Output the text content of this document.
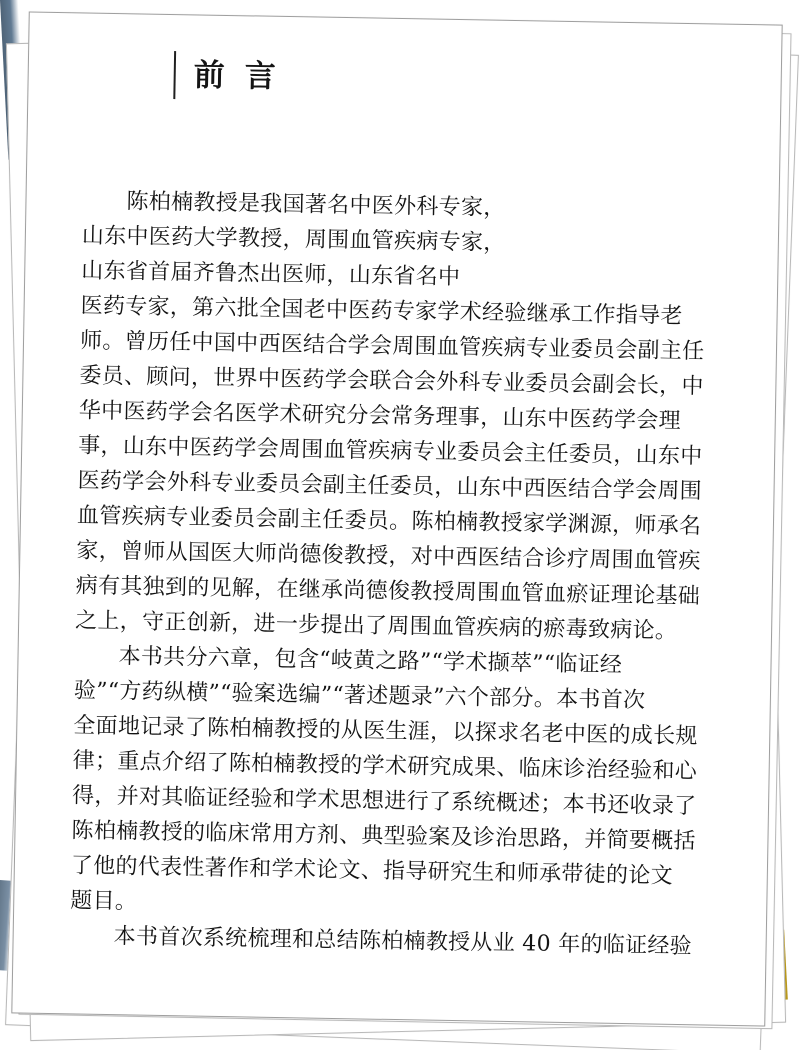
前言
陈柏楠教授是我国著名中医外科专家，
山东中医药大学教授，周围血管疾病专家，
山东省首届齐鲁杰出医师，山东省名中
医药专家，第六批全国老中医药专家学术经验继承工作指导老
师。曾历任中国中西医结合学会周围血管疾病专业委员会副主任
委员、顾问，世界中医药学会联合会外科专业委员会副会长，中
华中医药学会名医学术研究分会常务理事，山东中医药学会理
事，山东中医药学会周围血管疾病专业委员会主任委员，山东中
医药学会外科专业委员会副主任委员，山东中西医结合学会周围
血管疾病专业委员会副主任委员。陈柏楠教授家学渊源，师承名
家，曾师从国医大师尚德俊教授，对中西医结合诊疗周围血管疾
病有其独到的见解，在继承尚德俊教授周围血管血瘀证理论基础
之上，守正创新，进一步提出了周围血管疾病的瘀毒致病论。
本书共分六章，包含“岐黄之路”“学术撷萃”“临证经
验”“方药纵横”“验案选编”“著述题录”六个部分。本书首次
全面地记录了陈柏楠教授的从医生涯，以探求名老中医的成长规
律；重点介绍了陈柏楠教授的学术研究成果、临床诊治经验和心
得，并对其临证经验和学术思想进行了系统概述；本书还收录了
陈柏楠教授的临床常用方剂、典型验案及诊治思路，并简要概括
了他的代表性著作和学术论文、指导研究生和师承带徒的论文
题目。
本书首次系统梳理和总结陈柏楠教授从业 40 年的临证经验
